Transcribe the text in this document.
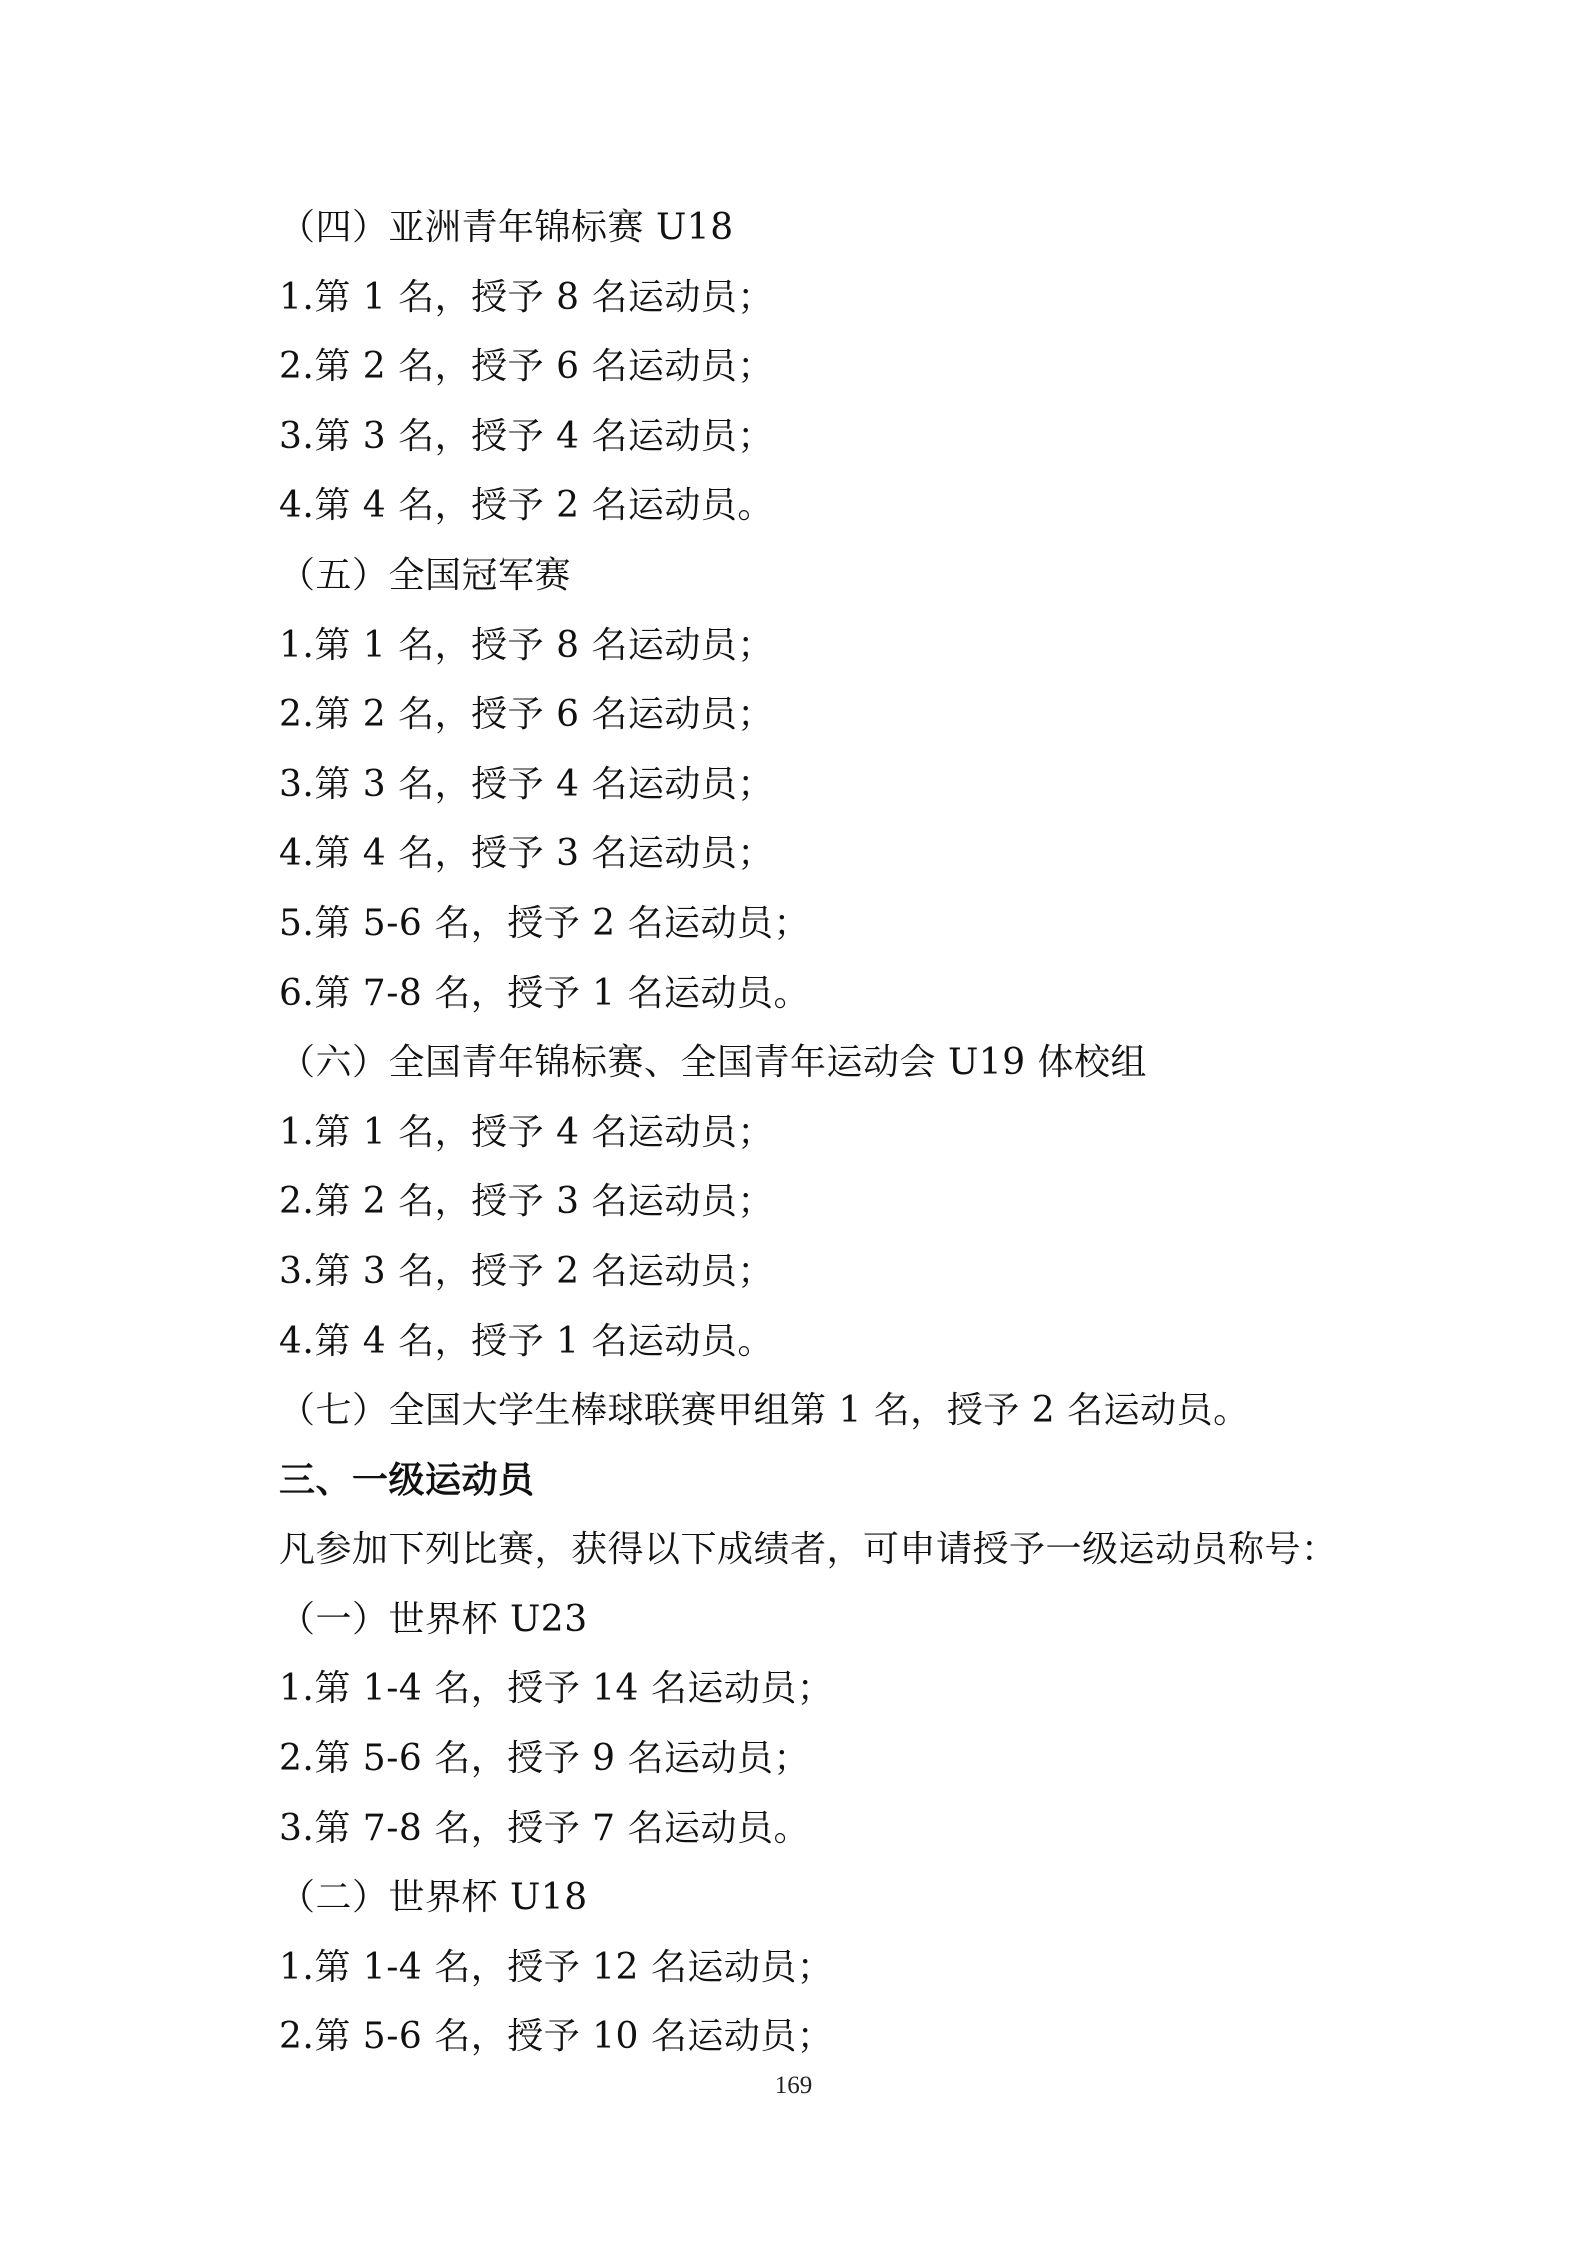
（四）亚洲青年锦标赛 U18
1.第 1 名，授予 8 名运动员；
2.第 2 名，授予 6 名运动员；
3.第 3 名，授予 4 名运动员；
4.第 4 名，授予 2 名运动员。
（五）全国冠军赛
1.第 1 名，授予 8 名运动员；
2.第 2 名，授予 6 名运动员；
3.第 3 名，授予 4 名运动员；
4.第 4 名，授予 3 名运动员；
5.第 5-6 名，授予 2 名运动员；
6.第 7-8 名，授予 1 名运动员。
（六）全国青年锦标赛、全国青年运动会 U19 体校组
1.第 1 名，授予 4 名运动员；
2.第 2 名，授予 3 名运动员；
3.第 3 名，授予 2 名运动员；
4.第 4 名，授予 1 名运动员。
（七）全国大学生棒球联赛甲组第 1 名，授予 2 名运动员。
三、一级运动员
凡参加下列比赛，获得以下成绩者，可申请授予一级运动员称号：
（一）世界杯 U23
1.第 1-4 名，授予 14 名运动员；
2.第 5-6 名，授予 9 名运动员；
3.第 7-8 名，授予 7 名运动员。
（二）世界杯 U18
1.第 1-4 名，授予 12 名运动员；
2.第 5-6 名，授予 10 名运动员；
169
